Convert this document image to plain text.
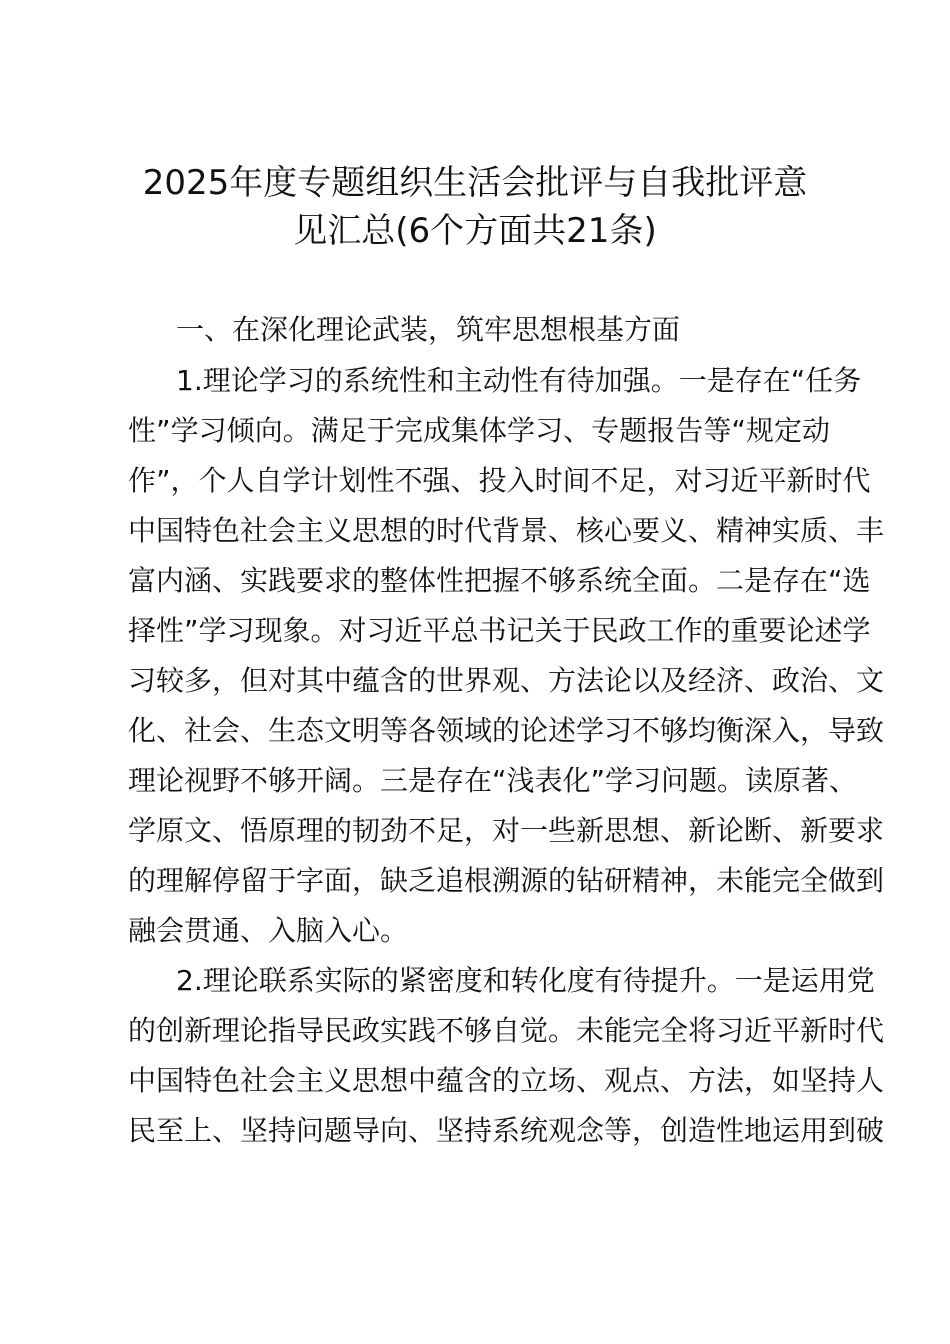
2025年度专题组织生活会批评与自我批评意
见汇总(6个方面共21条)
一、在深化理论武装，筑牢思想根基方面
1.理论学习的系统性和主动性有待加强。一是存在“任务
性”学习倾向。满足于完成集体学习、专题报告等“规定动
作”，个人自学计划性不强、投入时间不足，对习近平新时代
中国特色社会主义思想的时代背景、核心要义、精神实质、丰
富内涵、实践要求的整体性把握不够系统全面。二是存在“选
择性”学习现象。对习近平总书记关于民政工作的重要论述学
习较多，但对其中蕴含的世界观、方法论以及经济、政治、文
化、社会、生态文明等各领域的论述学习不够均衡深入，导致
理论视野不够开阔。三是存在“浅表化”学习问题。读原著、
学原文、悟原理的韧劲不足，对一些新思想、新论断、新要求
的理解停留于字面，缺乏追根溯源的钻研精神，未能完全做到
融会贯通、入脑入心。
2.理论联系实际的紧密度和转化度有待提升。一是运用党
的创新理论指导民政实践不够自觉。未能完全将习近平新时代
中国特色社会主义思想中蕴含的立场、观点、方法，如坚持人
民至上、坚持问题导向、坚持系统观念等，创造性地运用到破
